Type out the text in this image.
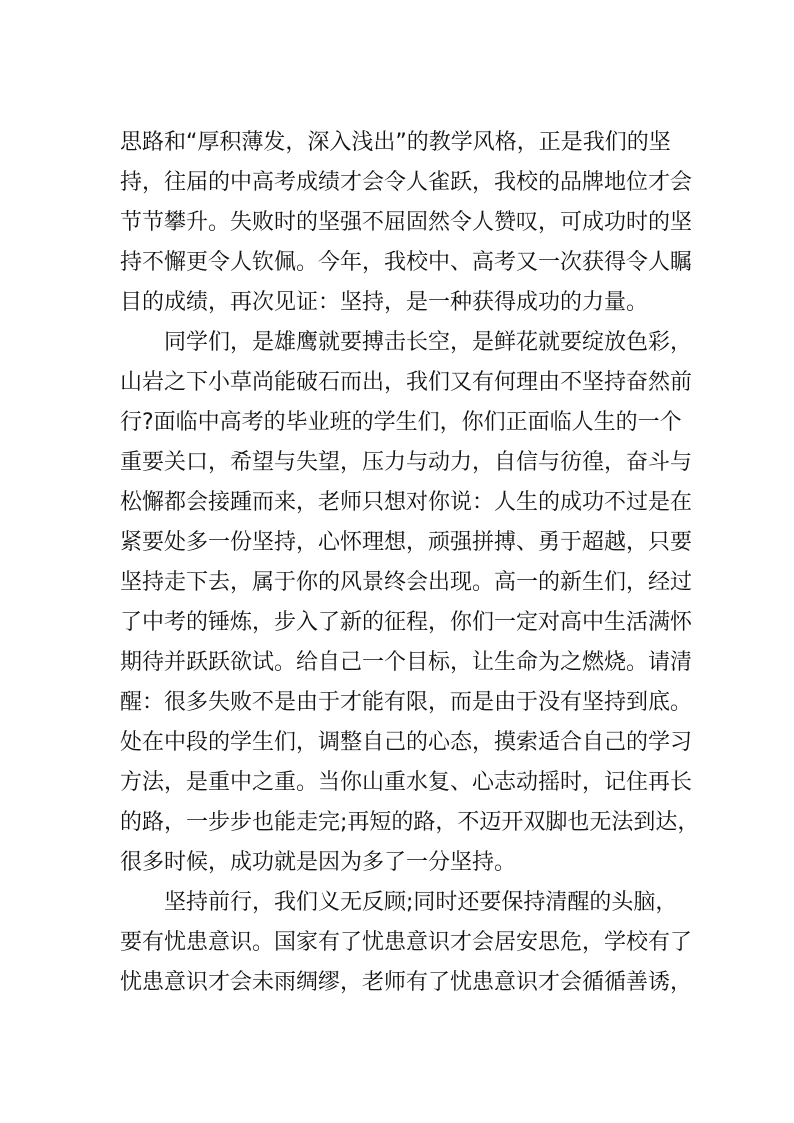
思路和“厚积薄发，深入浅出”的教学风格，正是我们的坚
持，往届的中高考成绩才会令人雀跃，我校的品牌地位才会
节节攀升。失败时的坚强不屈固然令人赞叹，可成功时的坚
持不懈更令人钦佩。今年，我校中、高考又一次获得令人瞩
目的成绩，再次见证：坚持，是一种获得成功的力量。
同学们，是雄鹰就要搏击长空，是鲜花就要绽放色彩，
山岩之下小草尚能破石而出，我们又有何理由不坚持奋然前
行?面临中高考的毕业班的学生们，你们正面临人生的一个
重要关口，希望与失望，压力与动力，自信与彷徨，奋斗与
松懈都会接踵而来，老师只想对你说：人生的成功不过是在
紧要处多一份坚持，心怀理想，顽强拼搏、勇于超越，只要
坚持走下去，属于你的风景终会出现。高一的新生们，经过
了中考的锤炼，步入了新的征程，你们一定对高中生活满怀
期待并跃跃欲试。给自己一个目标，让生命为之燃烧。请清
醒：很多失败不是由于才能有限，而是由于没有坚持到底。
处在中段的学生们，调整自己的心态，摸索适合自己的学习
方法，是重中之重。当你山重水复、心志动摇时，记住再长
的路，一步步也能走完;再短的路，不迈开双脚也无法到达，
很多时候，成功就是因为多了一分坚持。
坚持前行，我们义无反顾;同时还要保持清醒的头脑，
要有忧患意识。国家有了忧患意识才会居安思危，学校有了
忧患意识才会未雨绸缪，老师有了忧患意识才会循循善诱，
